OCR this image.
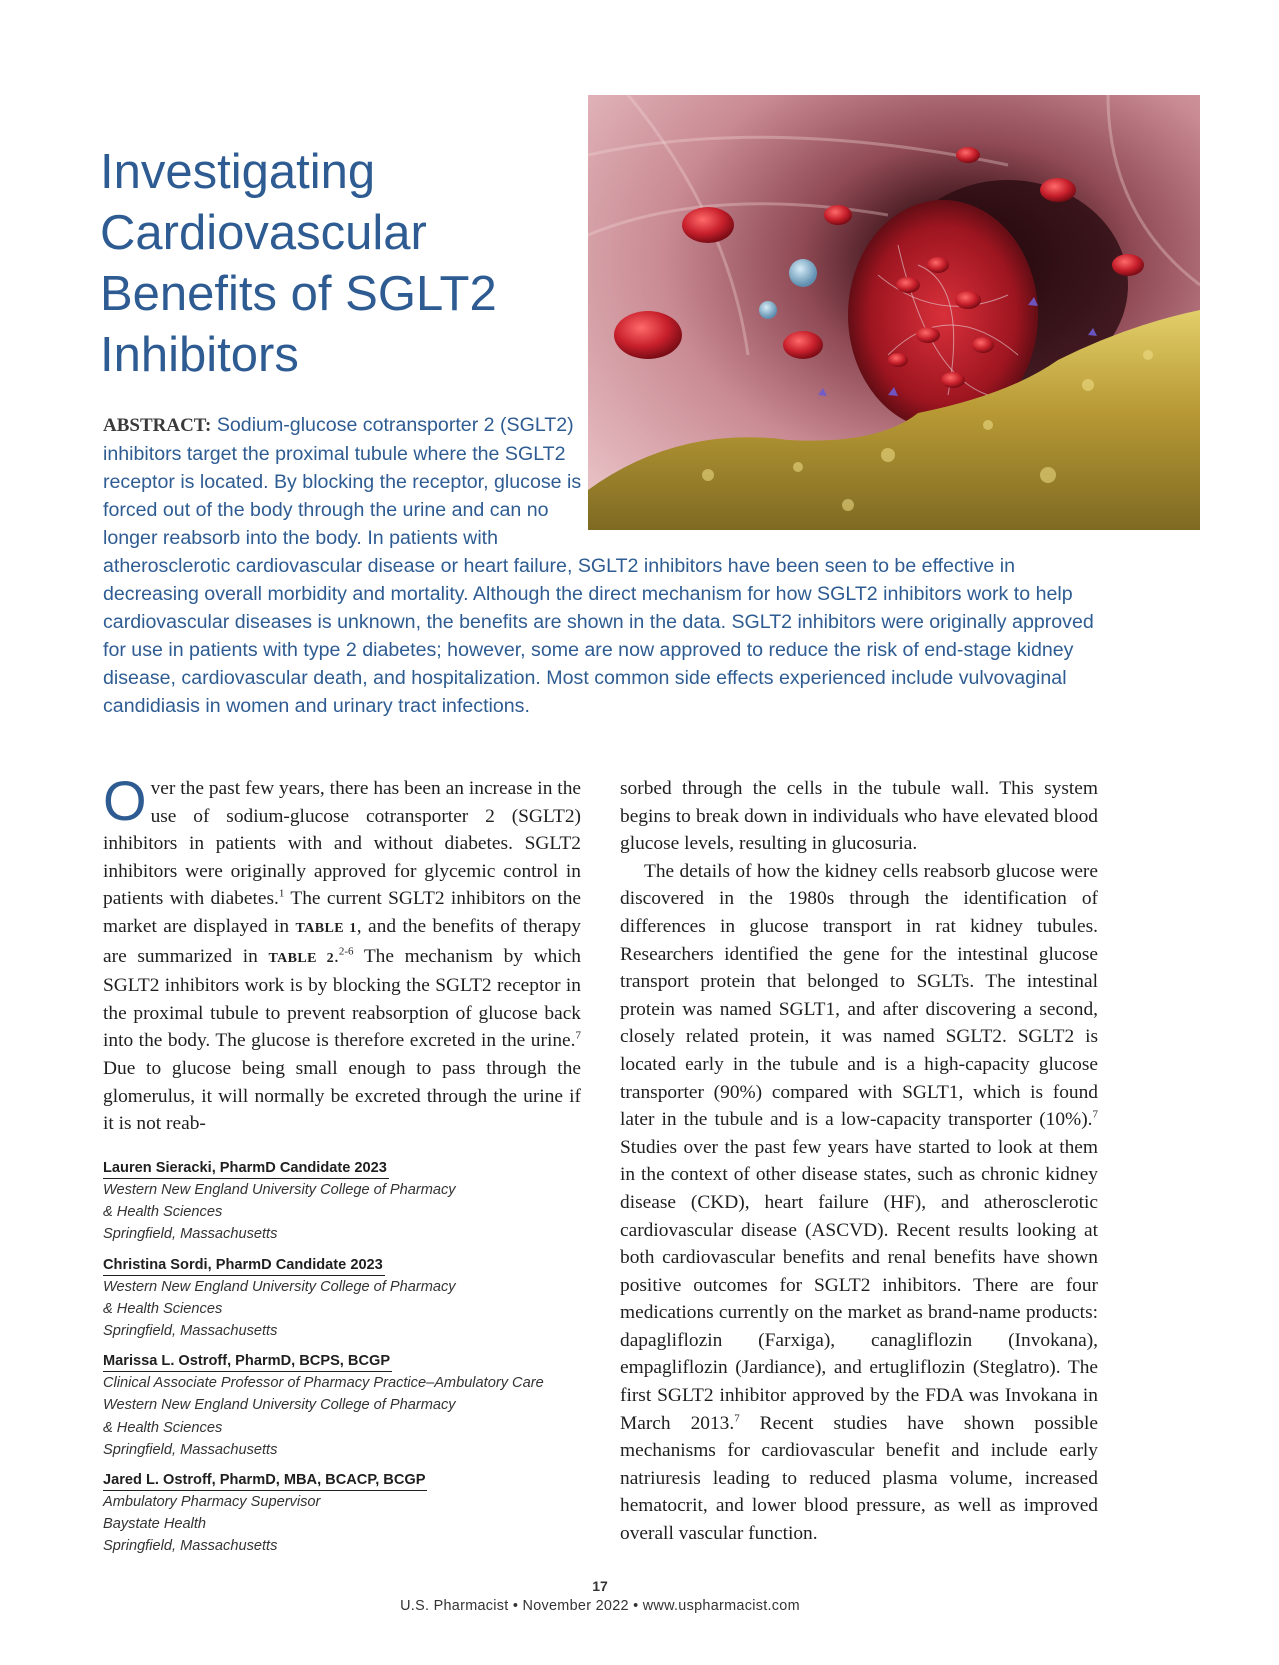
© gettyimages.com / JobsonHealthcare
Investigating
Cardiovascular
Benefits of SGLT2
Inhibitors

ABSTRACT: Sodium-glucose cotransporter 2 (SGLT2) inhibitors target the proximal tubule where the SGLT2 receptor is located. By blocking the receptor, glucose is forced out of the body through the urine and can no longer reabsorb into the body. In patients with atherosclerotic cardiovascular disease or heart failure, SGLT2 inhibitors have been seen to be effective in decreasing overall morbidity and mortality. Although the direct mechanism for how SGLT2 inhibitors work to help cardiovascular diseases is unknown, the benefits are shown in the data. SGLT2 inhibitors were originally approved for use in patients with type 2 diabetes; however, some are now approved to reduce the risk of end-stage kidney disease, cardiovascular death, and hospitalization. Most common side effects experienced include vulvovaginal candidiasis in women and urinary tract infections.

Over the past few years, there has been an increase in the use of sodium-glucose cotransporter 2 (SGLT2) inhibitors in patients with and without diabetes. SGLT2 inhibitors were originally approved for glycemic control in patients with diabetes.$^1$ The current SGLT2 inhibitors on the market are displayed in TABLE 1, and the benefits of therapy are summarized in TABLE 2.$^{2-6}$ The mechanism by which SGLT2 inhibitors work is by blocking the SGLT2 receptor in the proximal tubule to prevent reabsorption of glucose back into the body. The glucose is therefore excreted in the urine.$^7$ Due to glucose being small enough to pass through the glomerulus, it will normally be excreted through the urine if it is not reab-

sorbed through the cells in the tubule wall. This system begins to break down in individuals who have elevated blood glucose levels, resulting in glucosuria.

The details of how the kidney cells reabsorb glucose were discovered in the 1980s through the identification of differences in glucose transport in rat kidney tubules. Researchers identified the gene for the intestinal glucose transport protein that belonged to SGLTs. The intestinal protein was named SGLT1, and after discovering a second, closely related protein, it was named SGLT2. SGLT2 is located early in the tubule and is a high-capacity glucose transporter (90%) compared with SGLT1, which is found later in the tubule and is a low-capacity transporter (10%).$^7$ Studies over the past few years have started to look at them in the context of other disease states, such as chronic kidney disease (CKD), heart failure (HF), and atherosclerotic cardiovascular disease (ASCVD). Recent results looking at both cardiovascular benefits and renal benefits have shown positive outcomes for SGLT2 inhibitors. There are four medications currently on the market as brand-name products: dapagliflozin (Farxiga), canagliflozin (Invokana), empagliflozin (Jardiance), and ertugliflozin (Steglatro). The first SGLT2 inhibitor approved by the FDA was Invokana in March 2013.$^7$ Recent studies have shown possible mechanisms for cardiovascular benefit and include early natriuresis leading to reduced plasma volume, increased hematocrit, and lower blood pressure, as well as improved overall vascular function.

Lauren Sieracki, PharmD Candidate 2023
Western New England University College of Pharmacy
& Health Sciences
Springfield, Massachusetts
Christina Sordi, PharmD Candidate 2023
Western New England University College of Pharmacy
& Health Sciences
Springfield, Massachusetts
Marissa L. Ostroff, PharmD, BCPS, BCGP
Clinical Associate Professor of Pharmacy Practice–Ambulatory Care
Western New England University College of Pharmacy
& Health Sciences
Springfield, Massachusetts
Jared L. Ostroff, PharmD, MBA, BCACP, BCGP
Ambulatory Pharmacy Supervisor
Baystate Health
Springfield, Massachusetts
17
U.S. Pharmacist • November 2022 • www.uspharmacist.com
